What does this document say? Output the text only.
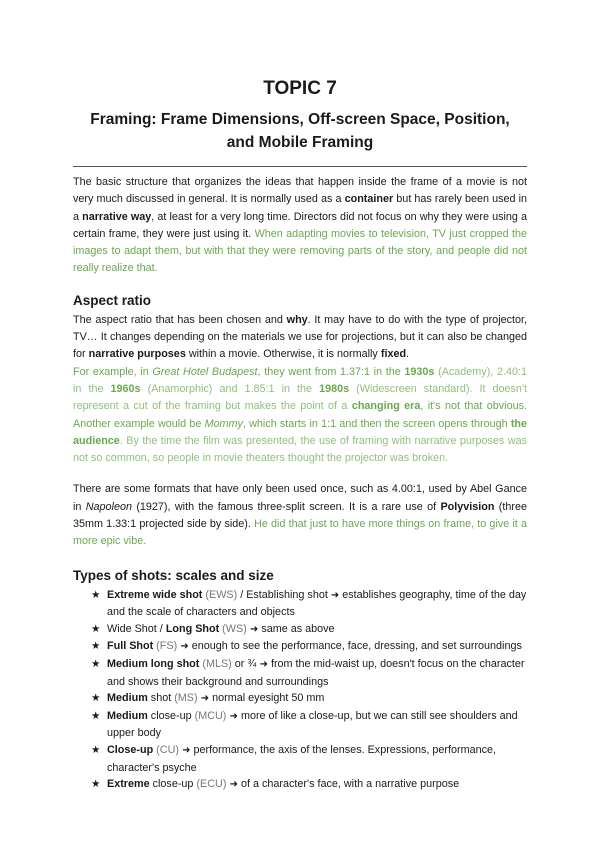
TOPIC 7
Framing: Frame Dimensions, Off-screen Space, Position,
and Mobile Framing

The basic structure that organizes the ideas that happen inside the frame of a movie is not very much discussed in general. It is normally used as a container but has rarely been used in a narrative way, at least for a very long time. Directors did not focus on why they were using a certain frame, they were just using it. When adapting movies to television, TV just cropped the images to adapt them, but with that they were removing parts of the story, and people did not really realize that.

Aspect ratio

The aspect ratio that has been chosen and why. It may have to do with the type of projector, TV… It changes depending on the materials we use for projections, but it can also be changed for narrative purposes within a movie. Otherwise, it is normally fixed.

For example, in Great Hotel Budapest, they went from 1.37:1 in the 1930s (Academy), 2.40:1 in the 1960s (Anamorphic) and 1.85:1 in the 1980s (Widescreen standard). It doesn't represent a cut of the framing but makes the point of a changing era, it's not that obvious. Another example would be Mommy, which starts in 1:1 and then the screen opens through the audience. By the time the film was presented, the use of framing with narrative purposes was not so common, so people in movie theaters thought the projector was broken.

There are some formats that have only been used once, such as 4.00:1, used by Abel Gance in Napoleon (1927), with the famous three-split screen. It is a rare use of Polyvision (three 35mm 1.33:1 projected side by side). He did that just to have more things on frame, to give it a more epic vibe.

Types of shots: scales and size
★ Extreme wide shot (EWS) / Establishing shot ➜ establishes geography, time of the day and the scale of characters and objects
★ Wide Shot / Long Shot (WS) ➜ same as above
★ Full Shot (FS) ➜ enough to see the performance, face, dressing, and set surroundings
★ Medium long shot (MLS) or ¾ ➜ from the mid-waist up, doesn't focus on the character and shows their background and surroundings
★ Medium shot (MS) ➜ normal eyesight 50 mm
★ Medium close-up (MCU) ➜ more of like a close-up, but we can still see shoulders and upper body
★ Close-up (CU) ➜ performance, the axis of the lenses. Expressions, performance, character's psyche
★ Extreme close-up (ECU) ➜ of a character's face, with a narrative purpose
